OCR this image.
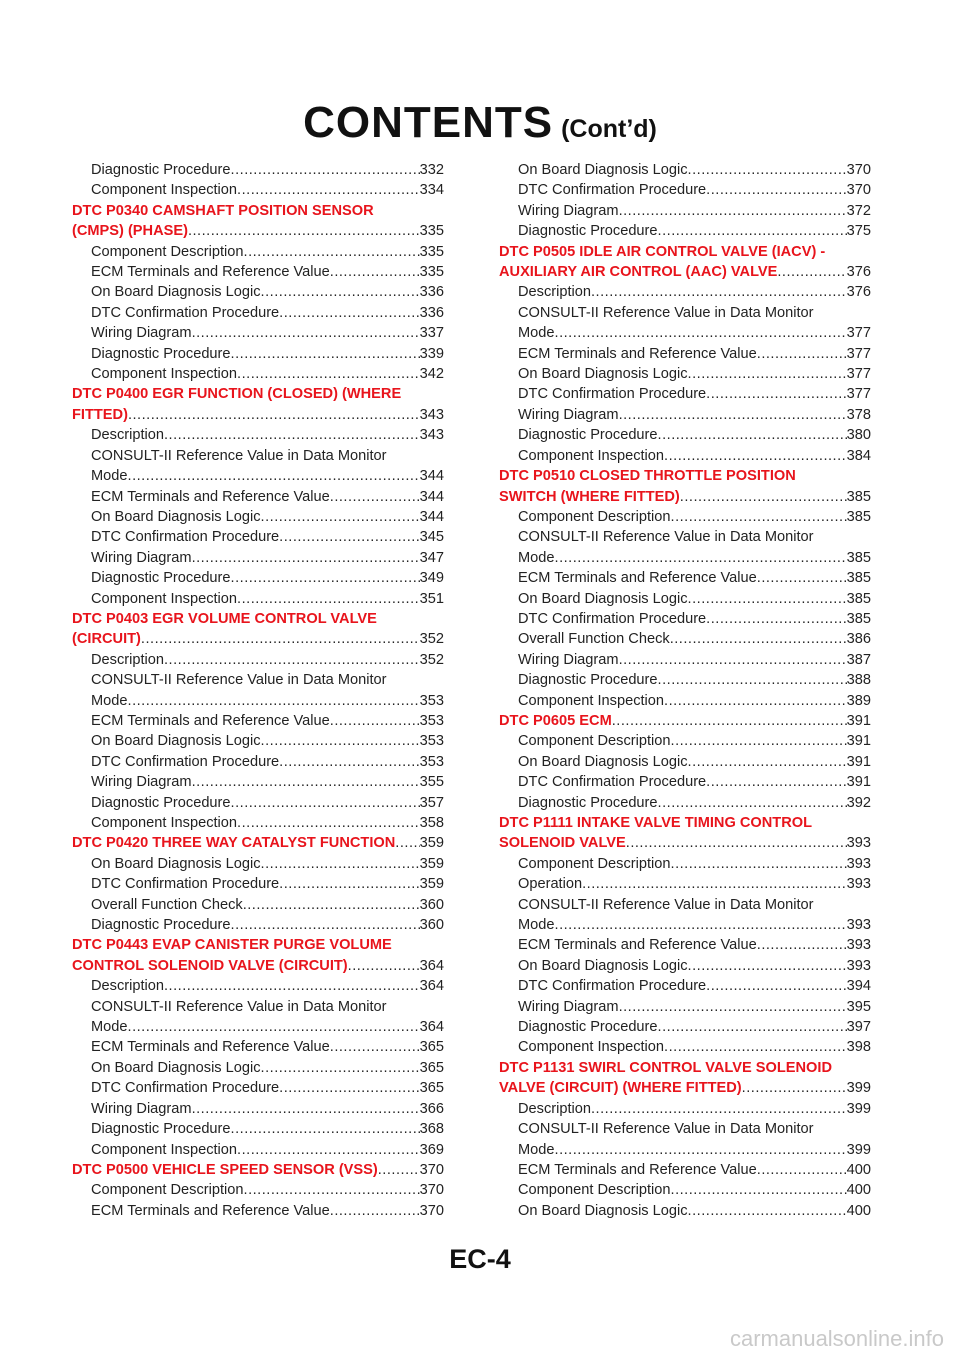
CONTENTS (Cont’d)
Diagnostic Procedure .....	332
Component Inspection .....	334
DTC P0340 CAMSHAFT POSITION SENSOR
(CMPS) (PHASE) .....	335
Component Description .....	335
ECM Terminals and Reference Value .....	335
On Board Diagnosis Logic .....	336
DTC Confirmation Procedure .....	336
Wiring Diagram .....	337
Diagnostic Procedure .....	339
Component Inspection .....	342
DTC P0400 EGR FUNCTION (CLOSED) (WHERE
FITTED) .....	343
Description .....	343
CONSULT-II Reference Value in Data Monitor
Mode .....	344
ECM Terminals and Reference Value .....	344
On Board Diagnosis Logic .....	344
DTC Confirmation Procedure .....	345
Wiring Diagram .....	347
Diagnostic Procedure .....	349
Component Inspection .....	351
DTC P0403 EGR VOLUME CONTROL VALVE
(CIRCUIT) .....	352
Description .....	352
CONSULT-II Reference Value in Data Monitor
Mode .....	353
ECM Terminals and Reference Value .....	353
On Board Diagnosis Logic .....	353
DTC Confirmation Procedure .....	353
Wiring Diagram .....	355
Diagnostic Procedure .....	357
Component Inspection .....	358
DTC P0420 THREE WAY CATALYST FUNCTION ..... 359
On Board Diagnosis Logic .....	359
DTC Confirmation Procedure .....	359
Overall Function Check .....	360
Diagnostic Procedure .....	360
DTC P0443 EVAP CANISTER PURGE VOLUME
CONTROL SOLENOID VALVE (CIRCUIT) .....	364
Description .....	364
CONSULT-II Reference Value in Data Monitor
Mode .....	364
ECM Terminals and Reference Value .....	365
On Board Diagnosis Logic .....	365
DTC Confirmation Procedure .....	365
Wiring Diagram .....	366
Diagnostic Procedure .....	368
Component Inspection .....	369
DTC P0500 VEHICLE SPEED SENSOR (VSS) .....	370
Component Description .....	370
ECM Terminals and Reference Value .....	370
On Board Diagnosis Logic .....	370
DTC Confirmation Procedure .....	370
Wiring Diagram .....	372
Diagnostic Procedure .....	375
DTC P0505 IDLE AIR CONTROL VALVE (IACV) -
AUXILIARY AIR CONTROL (AAC) VALVE .....	376
Description .....	376
CONSULT-II Reference Value in Data Monitor
Mode .....	377
ECM Terminals and Reference Value .....	377
On Board Diagnosis Logic .....	377
DTC Confirmation Procedure .....	377
Wiring Diagram .....	378
Diagnostic Procedure .....	380
Component Inspection .....	384
DTC P0510 CLOSED THROTTLE POSITION
SWITCH (WHERE FITTED) .....	385
Component Description .....	385
CONSULT-II Reference Value in Data Monitor
Mode .....	385
ECM Terminals and Reference Value .....	385
On Board Diagnosis Logic .....	385
DTC Confirmation Procedure .....	385
Overall Function Check .....	386
Wiring Diagram .....	387
Diagnostic Procedure .....	388
Component Inspection .....	389
DTC P0605 ECM .....	391
Component Description .....	391
On Board Diagnosis Logic .....	391
DTC Confirmation Procedure .....	391
Diagnostic Procedure .....	392
DTC P1111 INTAKE VALVE TIMING CONTROL
SOLENOID VALVE .....	393
Component Description .....	393
Operation .....	393
CONSULT-II Reference Value in Data Monitor
Mode .....	393
ECM Terminals and Reference Value .....	393
On Board Diagnosis Logic .....	393
DTC Confirmation Procedure .....	394
Wiring Diagram .....	395
Diagnostic Procedure .....	397
Component Inspection .....	398
DTC P1131 SWIRL CONTROL VALVE SOLENOID
VALVE (CIRCUIT) (WHERE FITTED) .....	399
Description .....	399
CONSULT-II Reference Value in Data Monitor
Mode .....	399
ECM Terminals and Reference Value .....	400
Component Description .....	400
On Board Diagnosis Logic .....	400
EC-4
carmanualsonline.info
